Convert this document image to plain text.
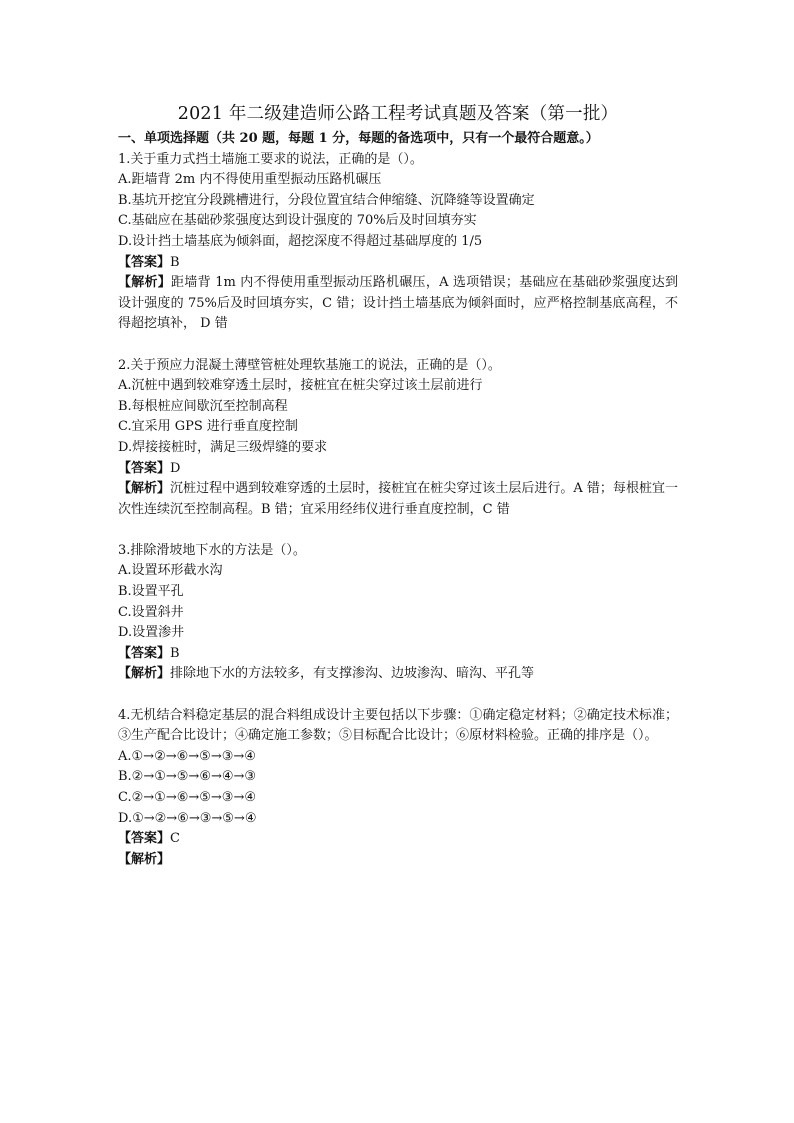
2021 年二级建造师公路工程考试真题及答案（第一批）
一、单项选择题（共 20 题，每题 1 分，每题的备选项中，只有一个最符合题意。）
1.关于重力式挡土墙施工要求的说法，正确的是（）。
A.距墙背 2m 内不得使用重型振动压路机碾压
B.基坑开挖宜分段跳槽进行，分段位置宜结合伸缩缝、沉降缝等设置确定
C.基础应在基础砂浆强度达到设计强度的 70%后及时回填夯实
D.设计挡土墙基底为倾斜面，超挖深度不得超过基础厚度的 1/5
【答案】B
【解析】距墙背 1m 内不得使用重型振动压路机碾压，A 选项错误；基础应在基础砂浆强度达到设计强度的 75%后及时回填夯实，C 错；设计挡土墙基底为倾斜面时，应严格控制基底高程，不得超挖填补， D 错
2.关于预应力混凝土薄壁管桩处理软基施工的说法，正确的是（）。
A.沉桩中遇到较难穿透土层时，接桩宜在桩尖穿过该土层前进行
B.每根桩应间歇沉至控制高程
C.宜采用 GPS 进行垂直度控制
D.焊接接桩时，满足三级焊缝的要求
【答案】D
【解析】沉桩过程中遇到较难穿透的土层时，接桩宜在桩尖穿过该土层后进行。A 错；每根桩宜一次性连续沉至控制高程。B 错；宜采用经纬仪进行垂直度控制，C 错
3.排除滑坡地下水的方法是（）。
A.设置环形截水沟
B.设置平孔
C.设置斜井
D.设置渗井
【答案】B
【解析】排除地下水的方法较多，有支撑渗沟、边坡渗沟、暗沟、平孔等
4.无机结合料稳定基层的混合料组成设计主要包括以下步骤：①确定稳定材料；②确定技术标准；③生产配合比设计；④确定施工参数；⑤目标配合比设计；⑥原材料检验。正确的排序是（）。
A.①→②→⑥→⑤→③→④
B.②→①→⑤→⑥→④→③
C.②→①→⑥→⑤→③→④
D.①→②→⑥→③→⑤→④
【答案】C
【解析】
